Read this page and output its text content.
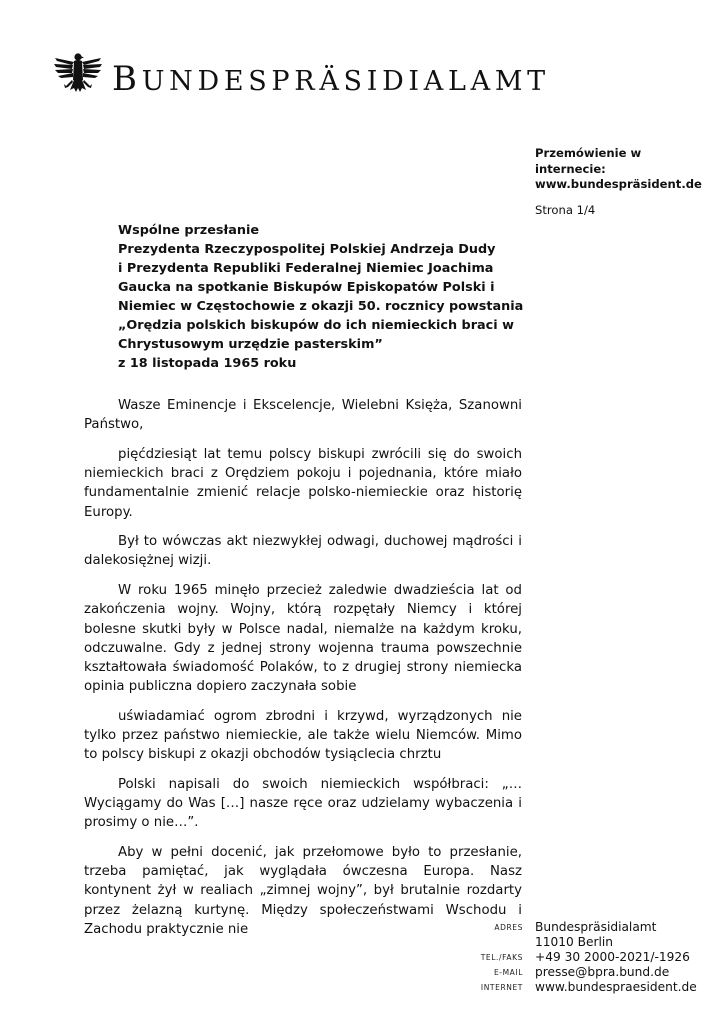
BUNDESPRÄSIDIALAMT
Przemówienie w
internecie:
www.bundespräsident.de
Strona 1/4
Wspólne przesłanie
Prezydenta Rzeczypospolitej Polskiej Andrzeja Dudy
i Prezydenta Republiki Federalnej Niemiec Joachima
Gaucka na spotkanie Biskupów Episkopatów Polski i
Niemiec w Częstochowie z okazji 50. rocznicy powstania
„Orędzia polskich biskupów do ich niemieckich braci w
Chrystusowym urzędzie pasterskim”
z 18 listopada 1965 roku

Wasze Eminencje i Ekscelencje, Wielebni Księża, Szanowni Państwo,

pięćdziesiąt lat temu polscy biskupi zwrócili się do swoich niemieckich braci z Orędziem pokoju i pojednania, które miało fundamentalnie zmienić relacje polsko-niemieckie oraz historię Europy.

Był to wówczas akt niezwykłej odwagi, duchowej mądrości i dalekosiężnej wizji.

W roku 1965 minęło przecież zaledwie dwadzieścia lat od zakończenia wojny. Wojny, którą rozpętały Niemcy i której bolesne skutki były w Polsce nadal, niemalże na każdym kroku, odczuwalne. Gdy z jednej strony wojenna trauma powszechnie kształtowała świadomość Polaków, to z drugiej strony niemiecka opinia publiczna dopiero zaczynała sobie

uświadamiać ogrom zbrodni i krzywd, wyrządzonych nie tylko przez państwo niemieckie, ale także wielu Niemców. Mimo to polscy biskupi z okazji obchodów tysiąclecia chrztu

Polski napisali do swoich niemieckich współbraci: „…Wyciągamy do Was […] nasze ręce oraz udzielamy wybaczenia i prosimy o nie…”.

Aby w pełni docenić, jak przełomowe było to przesłanie, trzeba pamiętać, jak wyglądała ówczesna Europa. Nasz kontynent żył w realiach „zimnej wojny”, był brutalnie rozdarty przez żelazną kurtynę. Między społeczeństwami Wschodu i Zachodu praktycznie nie	ADRES Bundespräsidialamt
11010 Berlin
TEL./FAKS +49 30 2000-2021/-1926
E-MAIL presse@bpra.bund.de
INTERNET www.bundespraesident.de
